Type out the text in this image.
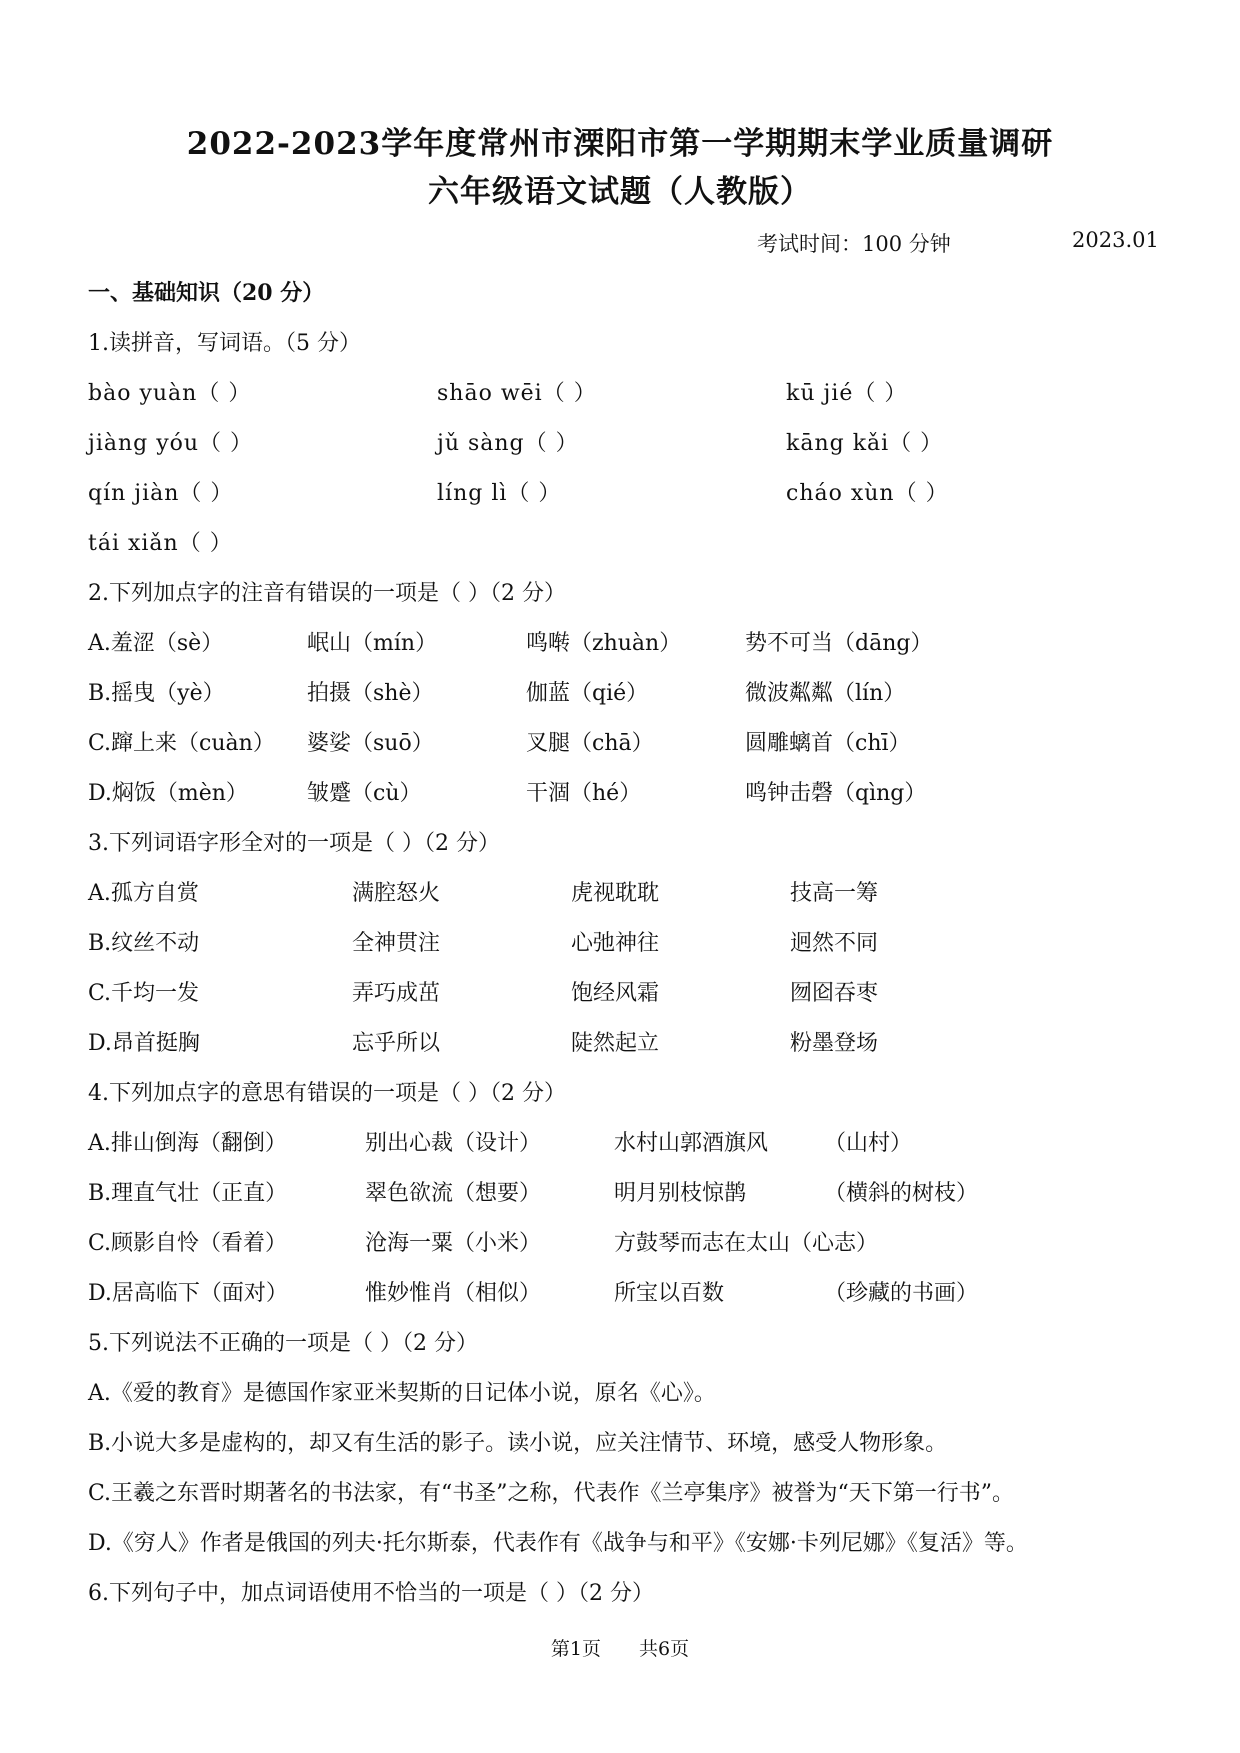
2022-2023学年度常州市溧阳市第一学期期末学业质量调研
六年级语文试题（人教版）
考试时间：100 分钟	2023.01
一、基础知识（20 分）
1.读拼音，写词语。（5 分）
bào yuàn（ ）	shāo wēi（ ）	kū jié（ ）
jiàng yóu（ ）	jǔ sàng（ ）	kāng kǎi（ ）
qín jiàn（ ）	líng lì（ ）	cháo xùn（ ）
tái xiǎn（ ）
2.下列加点字的注音有错误的一项是（ ）（2 分）
A.羞涩（sè）	岷山（mín）	鸣啭（zhuàn）	势不可当（dāng）
B.摇曳（yè）	拍摄（shè）	伽蓝（qié）	微波粼粼（lín）
C.蹿上来（cuàn） 婆娑（suō）	叉腿（chā）	圆雕螭首（chī）
D.焖饭（mèn）	皱蹙（cù）	干涸（hé）	鸣钟击磬（qìng）
3.下列词语字形全对的一项是（ ）（2 分）
A.孤方自赏	满腔怒火	虎视耽耽	技高一筹
B.纹丝不动	全神贯注	心弛神往	迥然不同
C.千均一发	弄巧成茁	饱经风霜	囫囵吞枣
D.昂首挺胸	忘乎所以	陡然起立	粉墨登场
4.下列加点字的意思有错误的一项是（ ）（2 分）
A.排山倒海（翻倒）	别出心裁（设计）	水村山郭酒旗风	（山村）
B.理直气壮（正直）	翠色欲流（想要）	明月别枝惊鹊	（横斜的树枝）
C.顾影自怜（看着）	沧海一粟（小米）	方鼓琴而志在太山（心志）
D.居高临下（面对）	惟妙惟肖（相似）	所宝以百数	（珍藏的书画）
5.下列说法不正确的一项是（ ）（2 分）
A.《爱的教育》是德国作家亚米契斯的日记体小说，原名《心》。
B.小说大多是虚构的，却又有生活的影子。读小说，应关注情节、环境，感受人物形象。
C.王羲之东晋时期著名的书法家，有“书圣”之称，代表作《兰亭集序》被誉为“天下第一行书”。
D.《穷人》作者是俄国的列夫·托尔斯泰，代表作有《战争与和平》《安娜·卡列尼娜》《复活》等。
6.下列句子中，加点词语使用不恰当的一项是（ ）（2 分）
第1页 共6页
